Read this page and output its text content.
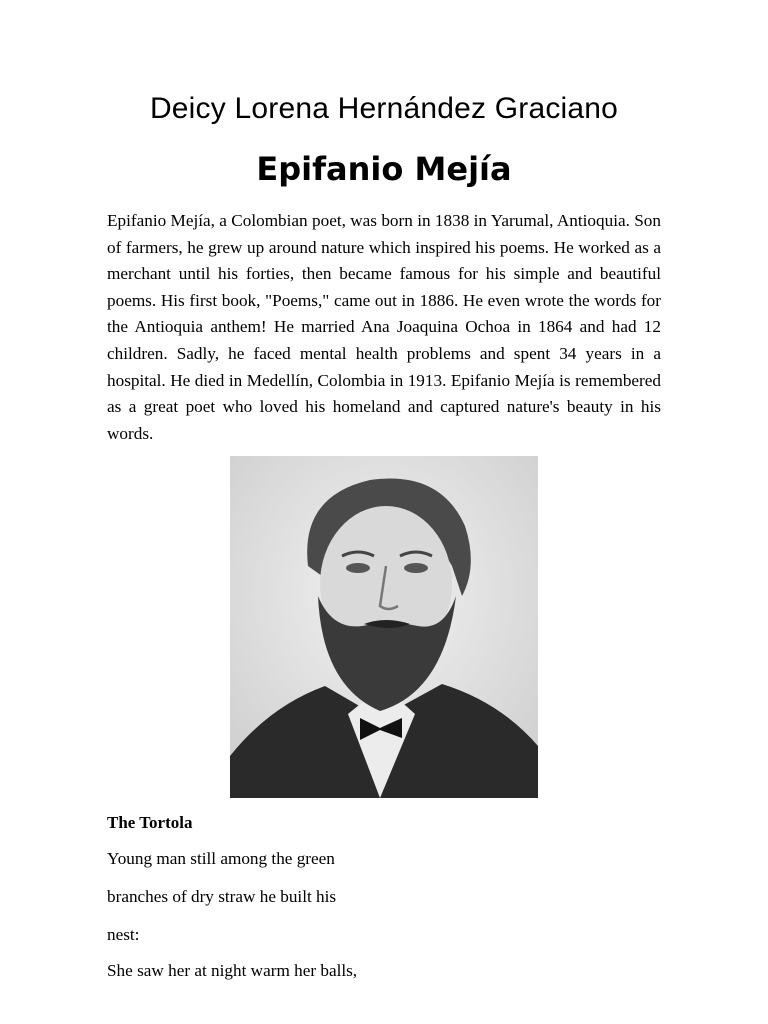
Deicy Lorena Hernández Graciano
Epifanio Mejía

Epifanio Mejía, a Colombian poet, was born in 1838 in Yarumal, Antioquia. Son of farmers, he grew up around nature which inspired his poems. He worked as a merchant until his forties, then became famous for his simple and beautiful poems. His first book, "Poems," came out in 1886. He even wrote the words for the Antioquia anthem! He married Ana Joaquina Ochoa in 1864 and had 12 children. Sadly, he faced mental health problems and spent 34 years in a hospital. He died in Medellín, Colombia in 1913. Epifanio Mejía is remembered as a great poet who loved his homeland and captured nature's beauty in his words.

The Tortola
Young man still among the green
branches of dry straw he built his
nest:
She saw her at night warm her balls,
